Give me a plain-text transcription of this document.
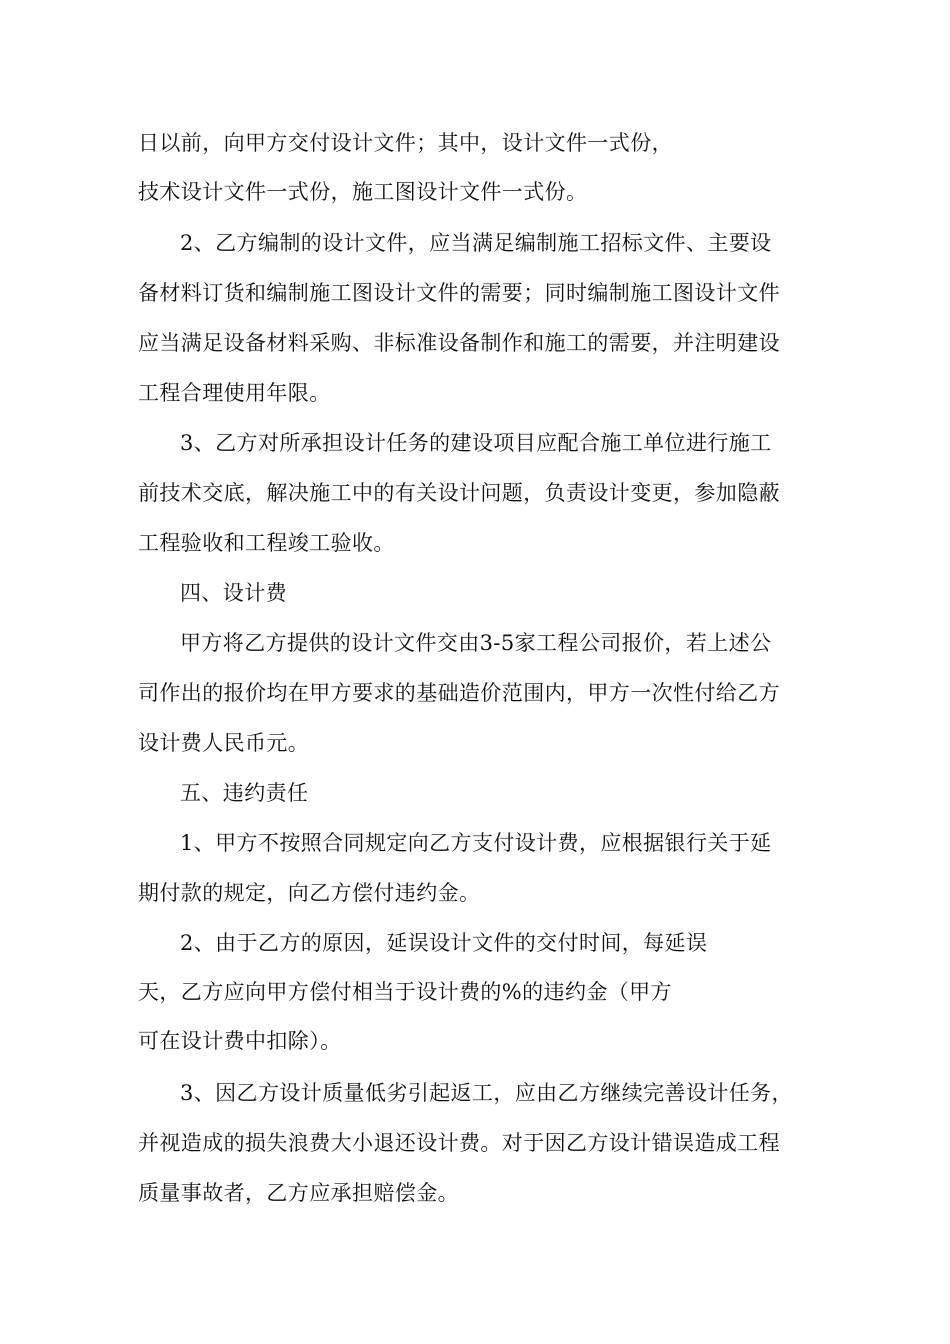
日以前，向甲方交付设计文件；其中，设计文件一式份，
技术设计文件一式份，施工图设计文件一式份。
2、乙方编制的设计文件，应当满足编制施工招标文件、主要设
备材料订货和编制施工图设计文件的需要；同时编制施工图设计文件
应当满足设备材料采购、非标准设备制作和施工的需要，并注明建设
工程合理使用年限。
3、乙方对所承担设计任务的建设项目应配合施工单位进行施工
前技术交底，解决施工中的有关设计问题，负责设计变更，参加隐蔽
工程验收和工程竣工验收。
四、设计费
甲方将乙方提供的设计文件交由3-5家工程公司报价，若上述公
司作出的报价均在甲方要求的基础造价范围内，甲方一次性付给乙方
设计费人民币元。
五、违约责任
1、甲方不按照合同规定向乙方支付设计费，应根据银行关于延
期付款的规定，向乙方偿付违约金。
2、由于乙方的原因，延误设计文件的交付时间，每延误
天，乙方应向甲方偿付相当于设计费的%的违约金（甲方
可在设计费中扣除）。
3、因乙方设计质量低劣引起返工，应由乙方继续完善设计任务，
并视造成的损失浪费大小退还设计费。对于因乙方设计错误造成工程
质量事故者，乙方应承担赔偿金。
